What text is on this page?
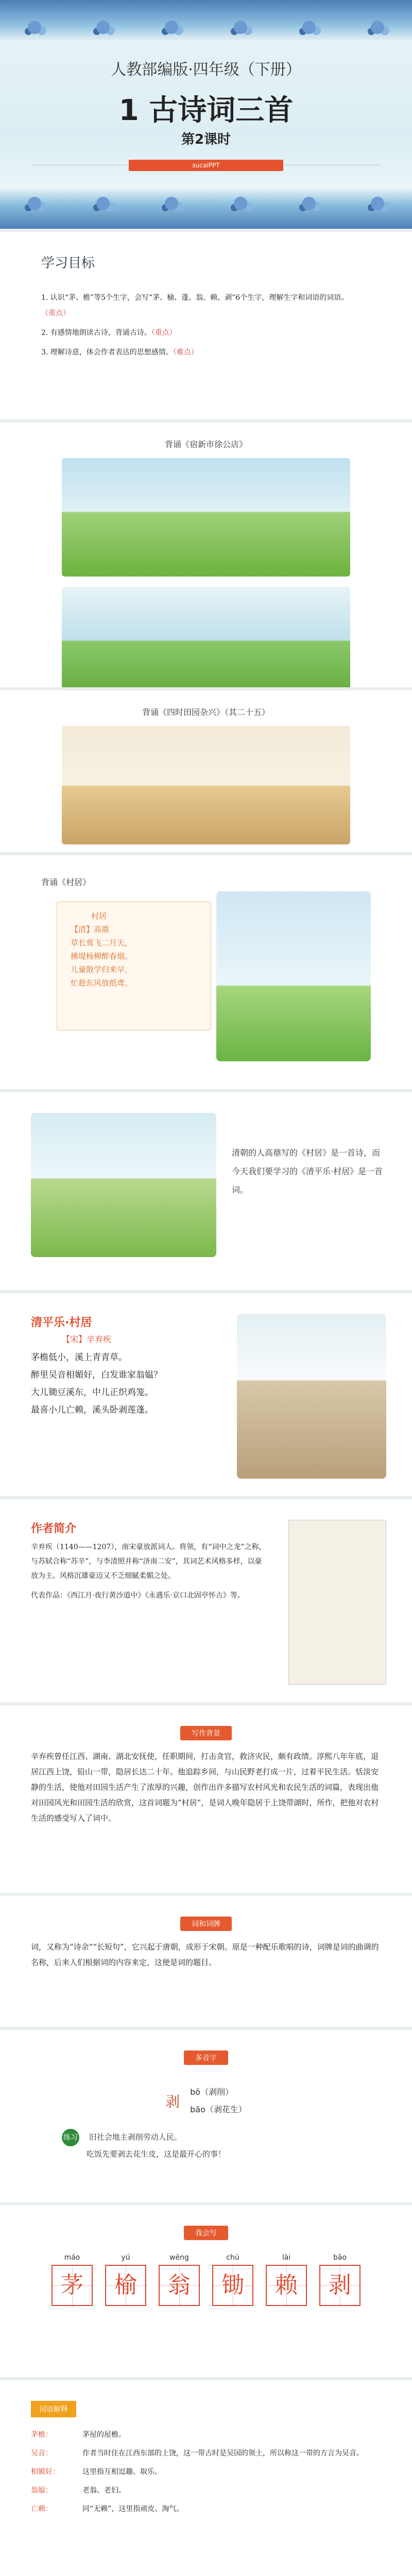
人教部编版·四年级（下册）
1 古诗词三首
第2课时
sucaiPPT
学习目标
1. 认识“茅、檐”等5个生字，会写“茅、榆、蓬、翁、赖、剥”6个生字，理解生字和词语的词语。（重点）
2. 有感情地朗读古诗，背诵古诗。（重点）
3. 理解诗意，体会作者表达的思想感情。（难点）
背诵《宿新市徐公店》
背诵《四时田园杂兴》（其二十五）
背诵《村居》
村居
【清】高鼎
草长莺飞二月天，
拂堤杨柳醉春烟。
儿童散学归来早，
忙趁东风放纸鸢。
清朝的人高鼎写的《村居》是一首诗，而今天我们要学习的《清平乐·村居》是一首词。
清平乐·村居
【宋】辛弃疾
茅檐低小，溪上青青草。
醉里吴音相媚好，白发谁家翁媪？
大儿锄豆溪东，中儿正织鸡笼。
最喜小儿亡赖，溪头卧剥莲蓬。
作者简介
辛弃疾（1140——1207），南宋豪放派词人。将领，有“词中之龙”之称，与苏轼合称“苏辛”，与李清照并称“济南二安”，其词艺术风格多样，以豪放为主。风格沉雄豪迈又不乏细腻柔媚之处。
代表作品：《西江月·夜行黄沙道中》《永遇乐·京口北固亭怀古》等。
写作背景
辛弃疾曾任江西、湖南、湖北安抚使，任职期间，打击贪官，救济灾民，颇有政绩。淳熙八年年底，退居江西上饶，铅山一带，隐居长达二十年。他追踪乡间，与山民野老打成一片，过着平民生活。恬淡安静的生活，使他对田园生活产生了浓厚的兴趣，创作出许多描写农村风光和农民生活的词篇，表现出他对田园风光和田园生活的欣赏，这首词题为“村居”，是词人晚年隐居于上饶带湖时，所作，把他对农村生活的感受写入了词中。
词和词牌
词，又称为“诗余”“长短句”，它兴起于唐朝，成形于宋朝。原是一种配乐歌唱的诗，词牌是词的曲调的名称，后来人们根据词的内容来定，这便是词的题目。
多音字
剥
bō（剥削）
bāo（剥花生）
练习 旧社会地主剥削劳动人民。
吃饭先要剥去花生皮，这是最开心的事！
我会写
máo
茅
yú
榆
wēng
翁
chú
锄
lài
赖
bāo
剥
词语解释
茅檐：	茅屋的屋檐。
吴音：	作者当时住在江西东部的上饶，这一带古时是吴国的领土，所以称这一带的方言为吴音。
相媚好：	这里指互相逗趣、取乐。
翁媪：	老翁、老妇。
亡赖：	同“无赖”，这里指顽皮、淘气。
